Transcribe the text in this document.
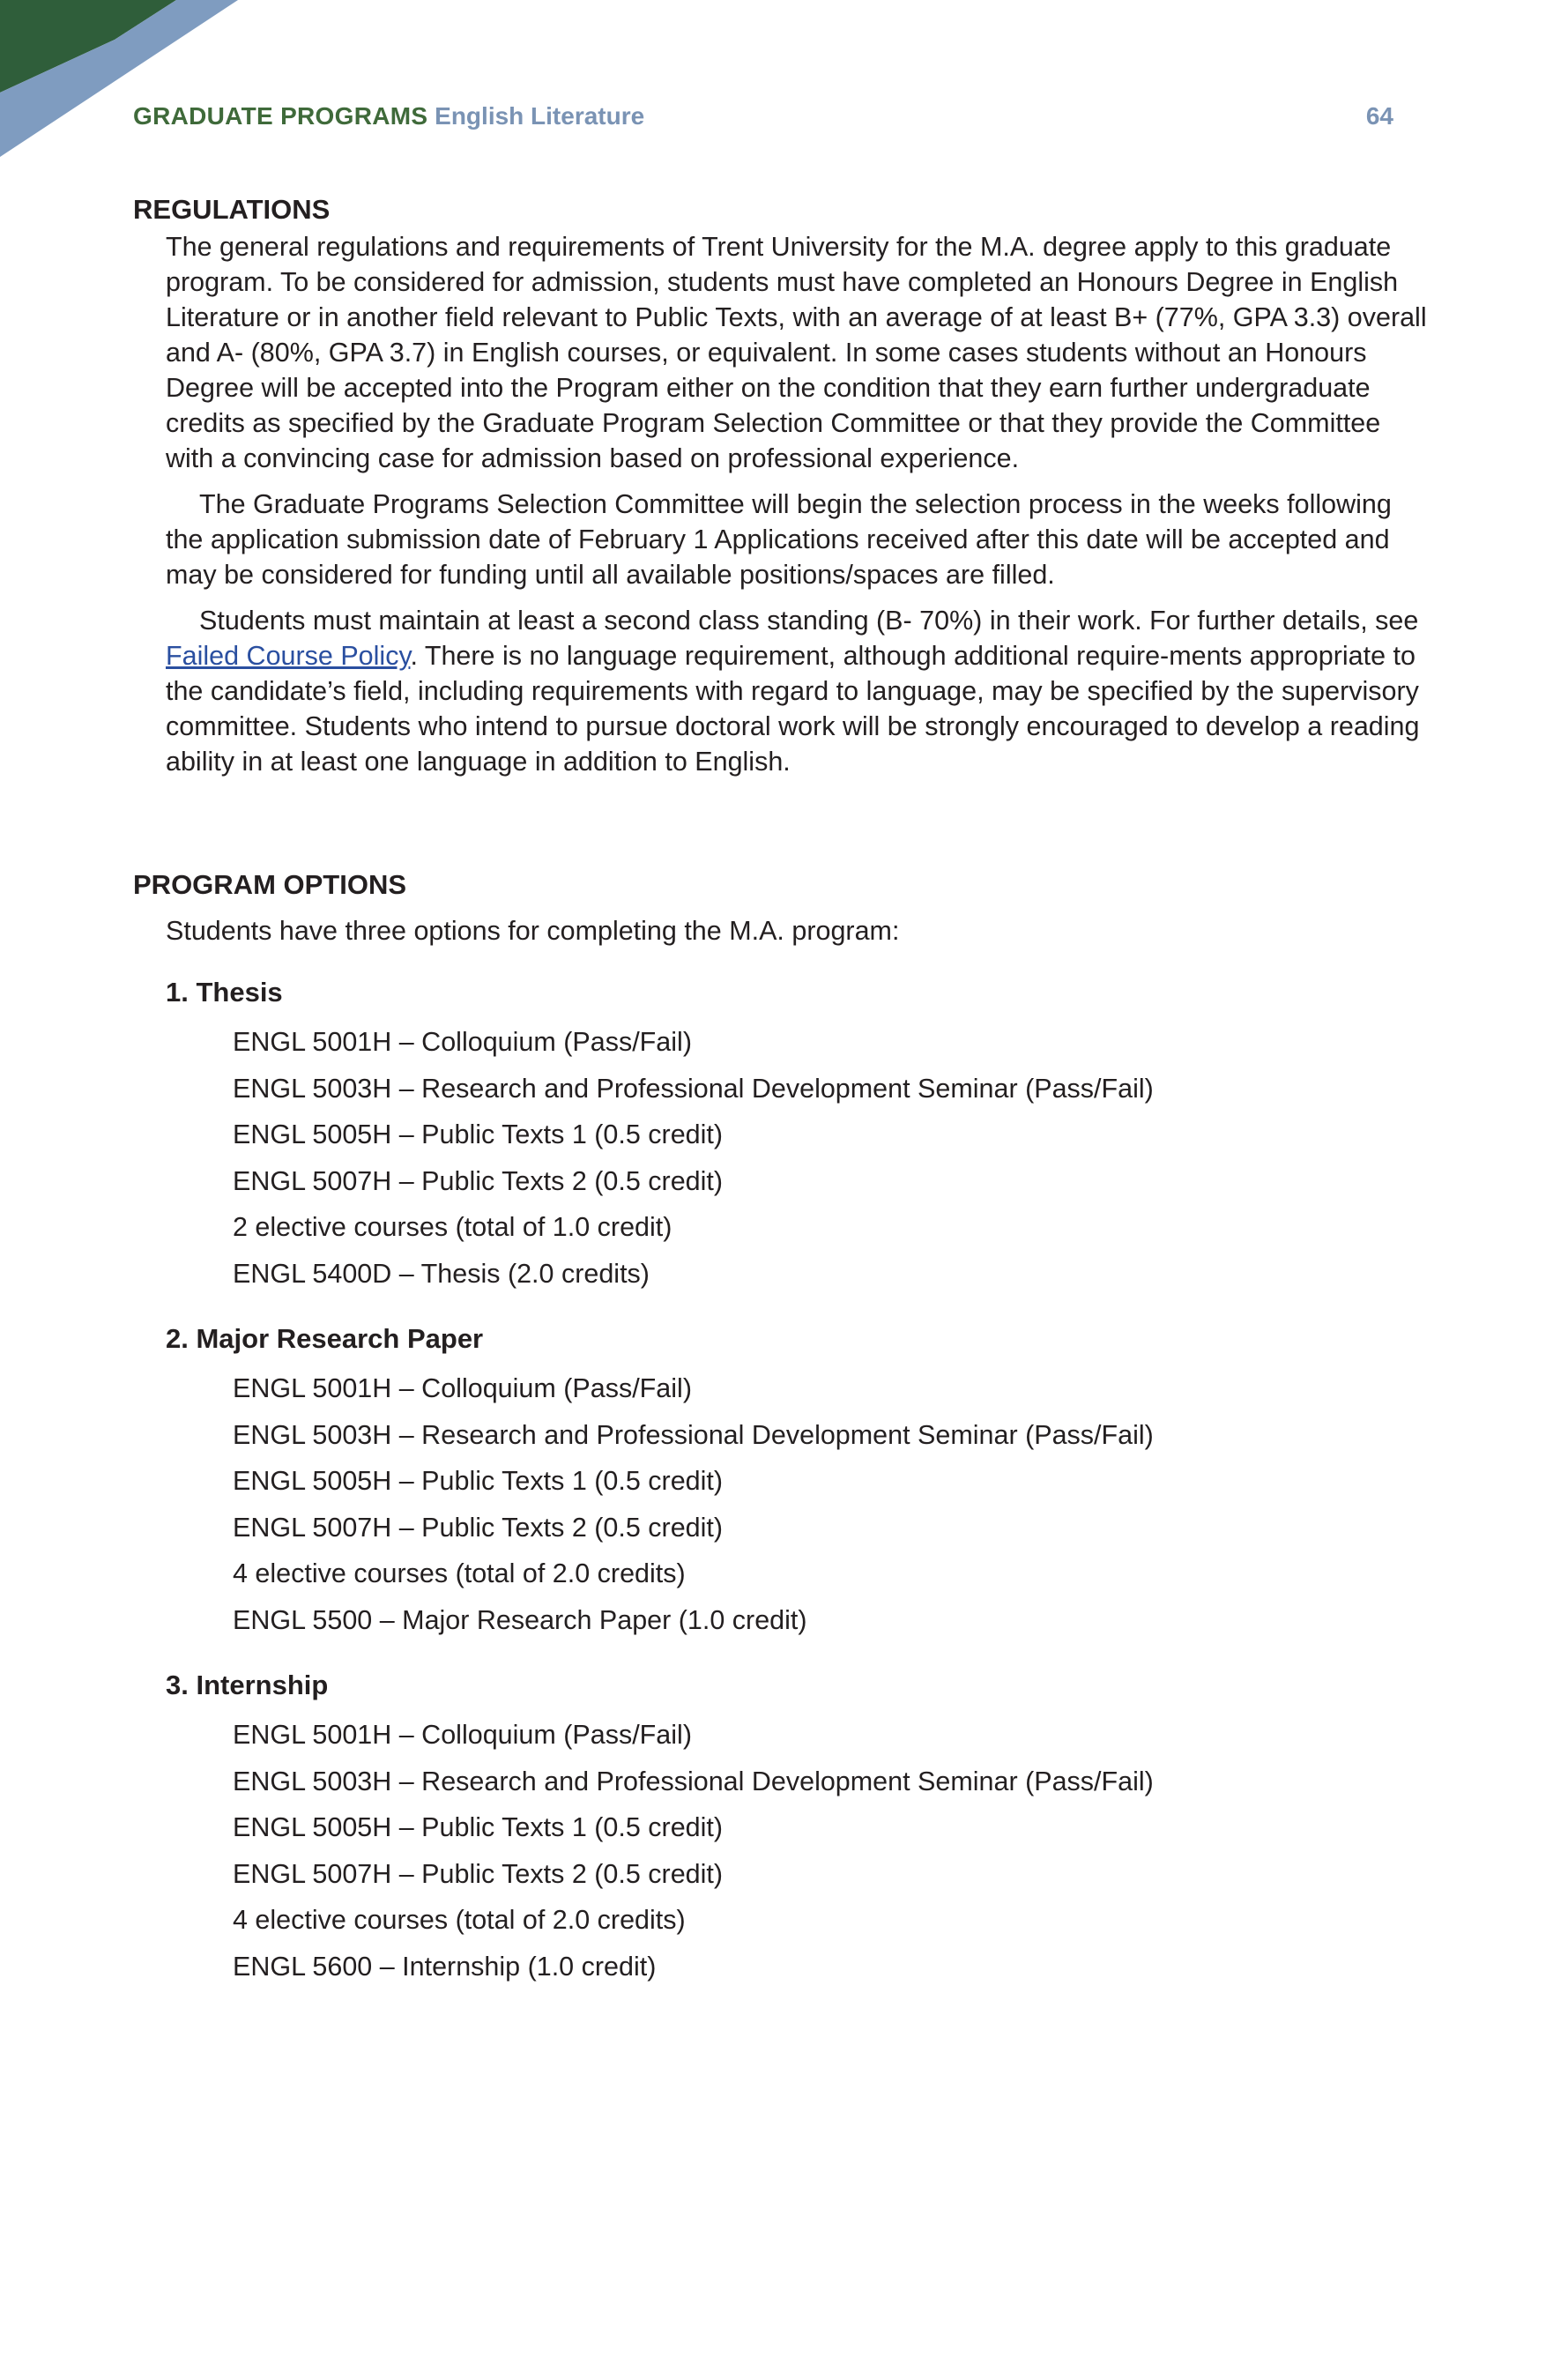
GRADUATE PROGRAMS English Literature	64
REGULATIONS

The general regulations and requirements of Trent University for the M.A. degree apply to this graduate program. To be considered for admission, students must have completed an Honours Degree in English Literature or in another field relevant to Public Texts, with an average of at least B+ (77%, GPA 3.3) overall and A- (80%, GPA 3.7) in English courses, or equivalent. In some cases students without an Honours Degree will be accepted into the Program either on the condition that they earn further undergraduate credits as specified by the Graduate Program Selection Committee or that they provide the Committee with a convincing case for admission based on professional experience.

The Graduate Programs Selection Committee will begin the selection process in the weeks following the application submission date of February 1 Applications received after this date will be accepted and may be considered for funding until all available positions/spaces are filled.

Students must maintain at least a second class standing (B- 70%) in their work. For further details, see Failed Course Policy. There is no language requirement, although additional require-ments appropriate to the candidate’s field, including requirements with regard to language, may be specified by the supervisory committee. Students who intend to pursue doctoral work will be strongly encouraged to develop a reading ability in at least one language in addition to English.

PROGRAM OPTIONS
Students have three options for completing the M.A. program:
1. Thesis
ENGL 5001H – Colloquium (Pass/Fail)
ENGL 5003H – Research and Professional Development Seminar (Pass/Fail)
ENGL 5005H – Public Texts 1 (0.5 credit)
ENGL 5007H – Public Texts 2 (0.5 credit)
2 elective courses (total of 1.0 credit)
ENGL 5400D – Thesis (2.0 credits)
2. Major Research Paper
ENGL 5001H – Colloquium (Pass/Fail)
ENGL 5003H – Research and Professional Development Seminar (Pass/Fail)
ENGL 5005H – Public Texts 1 (0.5 credit)
ENGL 5007H – Public Texts 2 (0.5 credit)
4 elective courses (total of 2.0 credits)
ENGL 5500 – Major Research Paper (1.0 credit)
3. Internship
ENGL 5001H – Colloquium (Pass/Fail)
ENGL 5003H – Research and Professional Development Seminar (Pass/Fail)
ENGL 5005H – Public Texts 1 (0.5 credit)
ENGL 5007H – Public Texts 2 (0.5 credit)
4 elective courses (total of 2.0 credits)
ENGL 5600 – Internship (1.0 credit)
